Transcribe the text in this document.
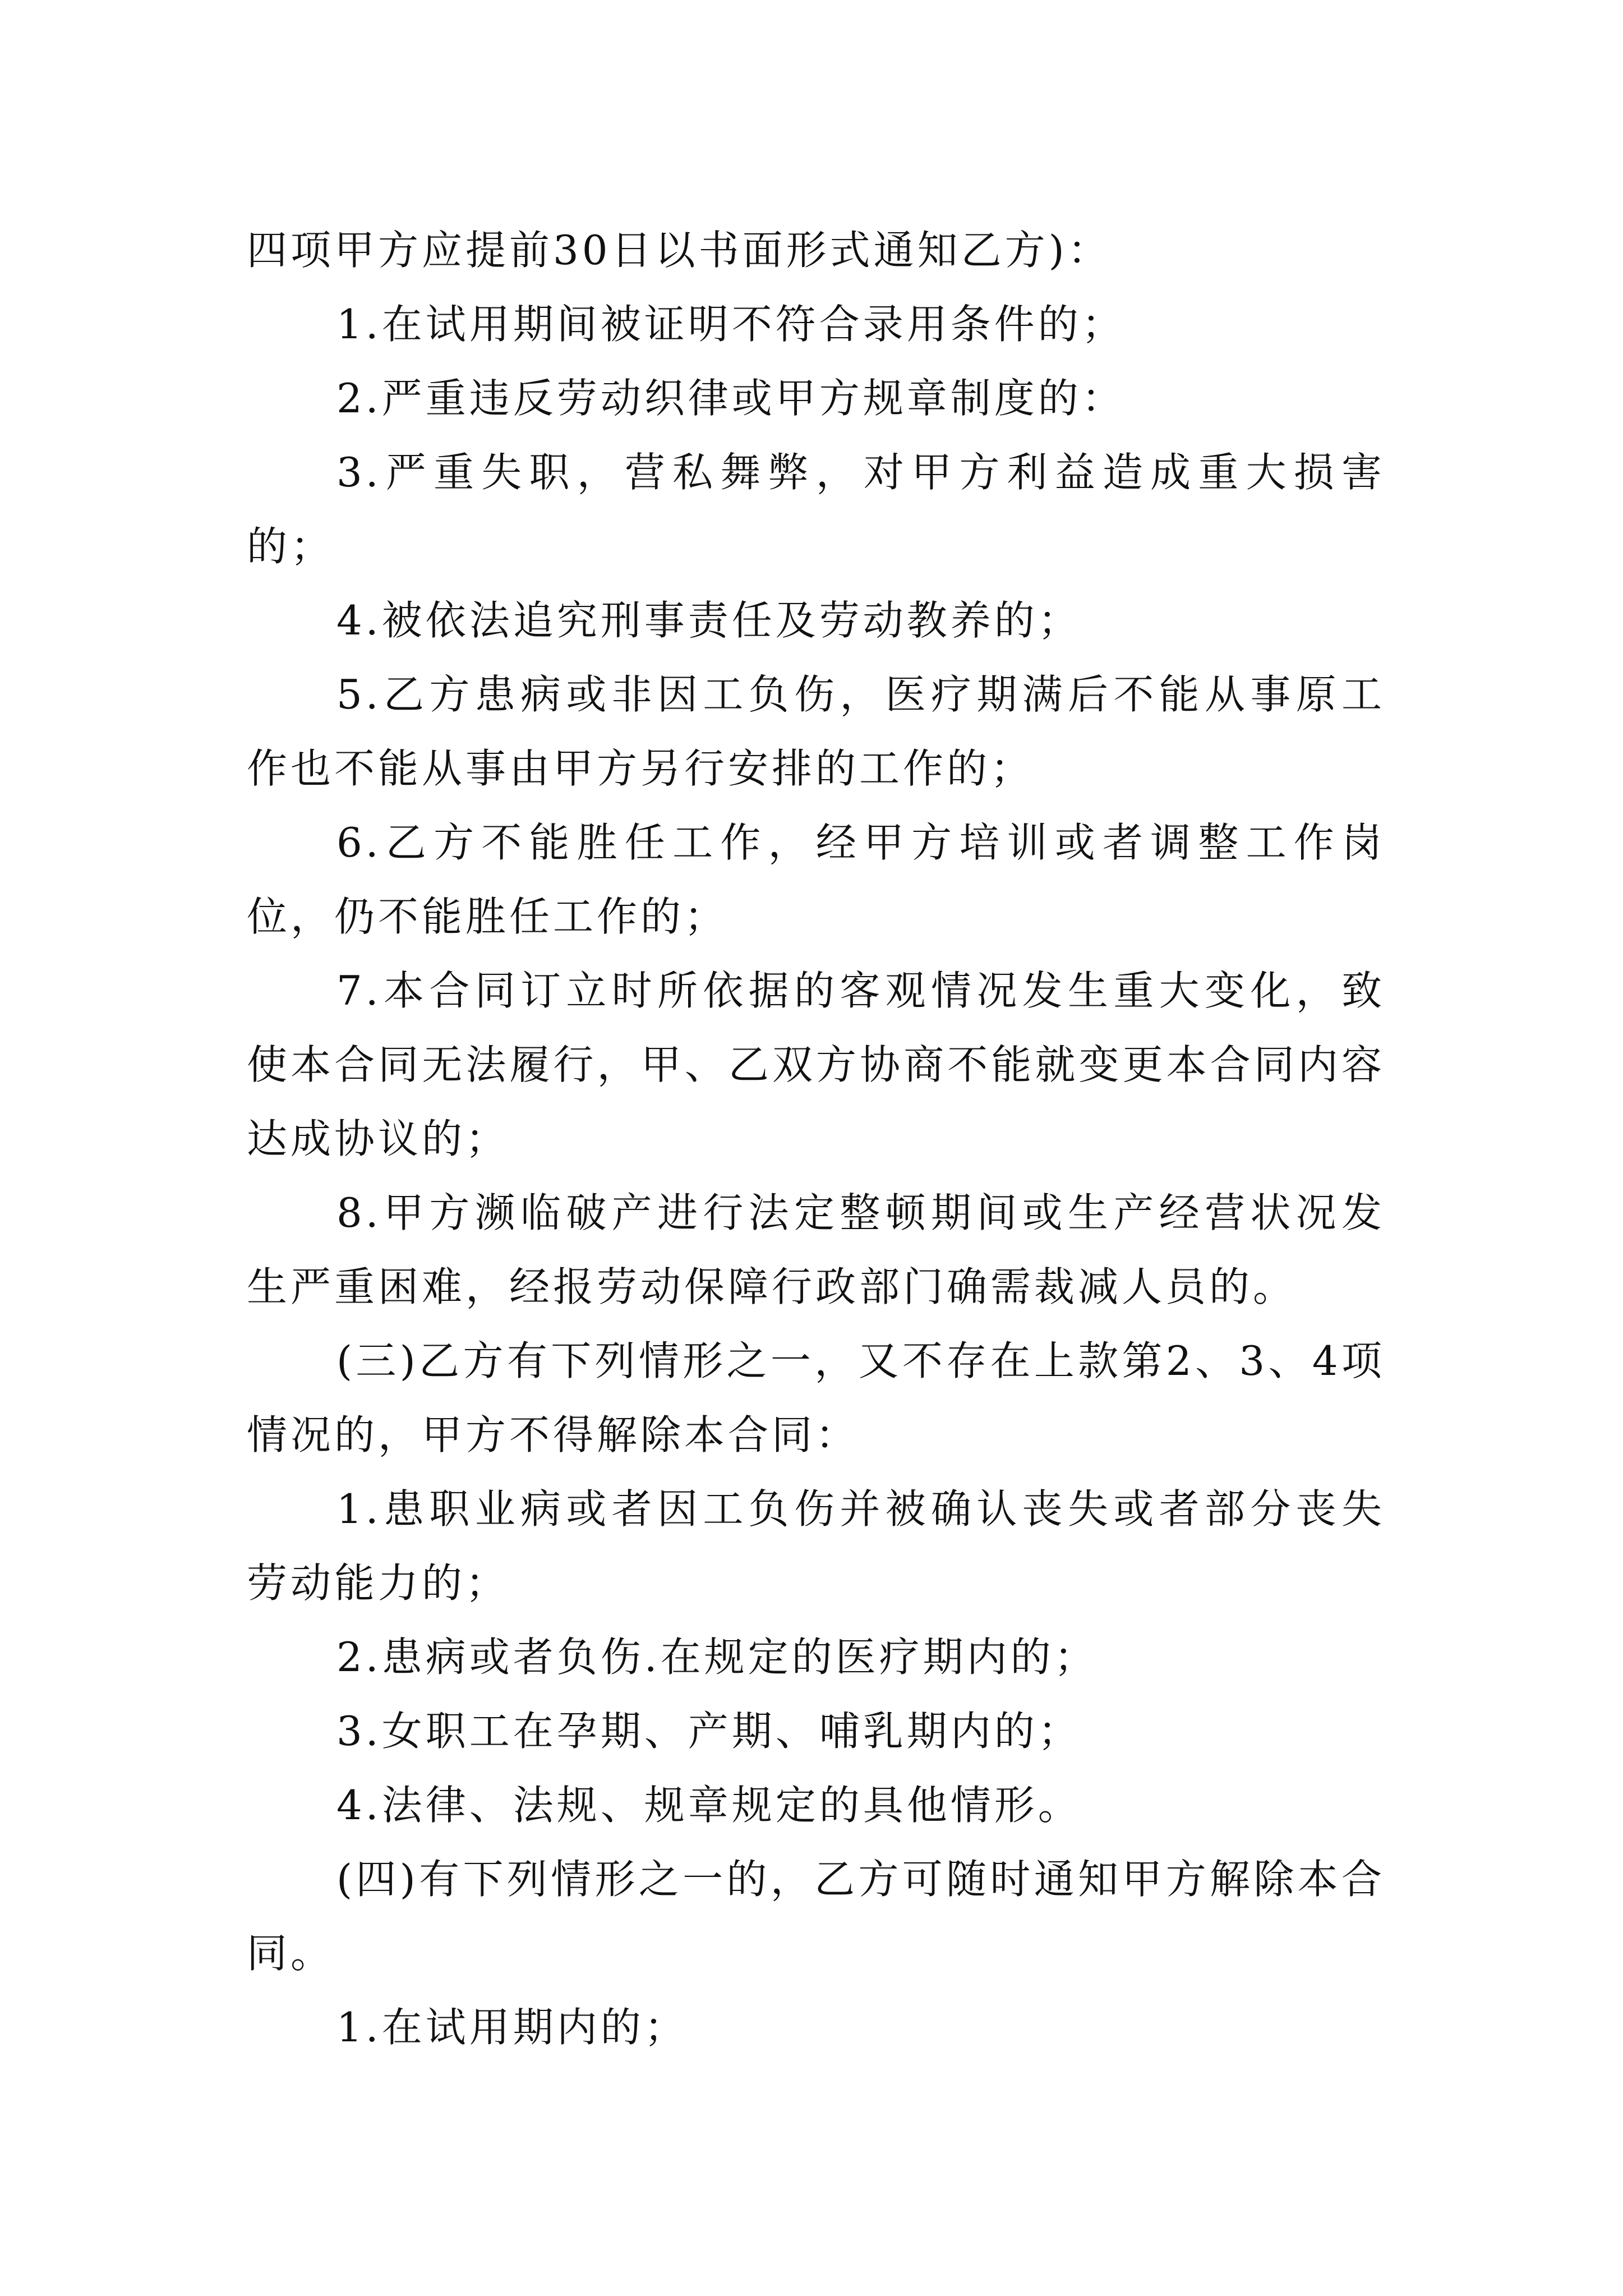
四项甲方应提前30日以书面形式通知乙方)：

1.在试用期间被证明不符合录用条件的；

2.严重违反劳动织律或甲方规章制度的：

3.严重失职，营私舞弊，对甲方利益造成重大损害的；

4.被依法追究刑事责任及劳动教养的；

5.乙方患病或非因工负伤，医疗期满后不能从事原工作也不能从事由甲方另行安排的工作的；

6.乙方不能胜任工作，经甲方培训或者调整工作岗位，仍不能胜任工作的；

7.本合同订立时所依据的客观情况发生重大变化，致使本合同无法履行，甲、乙双方协商不能就变更本合同内容达成协议的；

8.甲方濒临破产进行法定整顿期间或生产经营状况发生严重困难，经报劳动保障行政部门确需裁减人员的。

(三)乙方有下列情形之一，又不存在上款第2、3、4项情况的，甲方不得解除本合同：

1.患职业病或者因工负伤并被确认丧失或者部分丧失劳动能力的；

2.患病或者负伤.在规定的医疗期内的；

3.女职工在孕期、产期、哺乳期内的；

4.法律、法规、规章规定的具他情形。

(四)有下列情形之一的，乙方可随时通知甲方解除本合同。

1.在试用期内的；
